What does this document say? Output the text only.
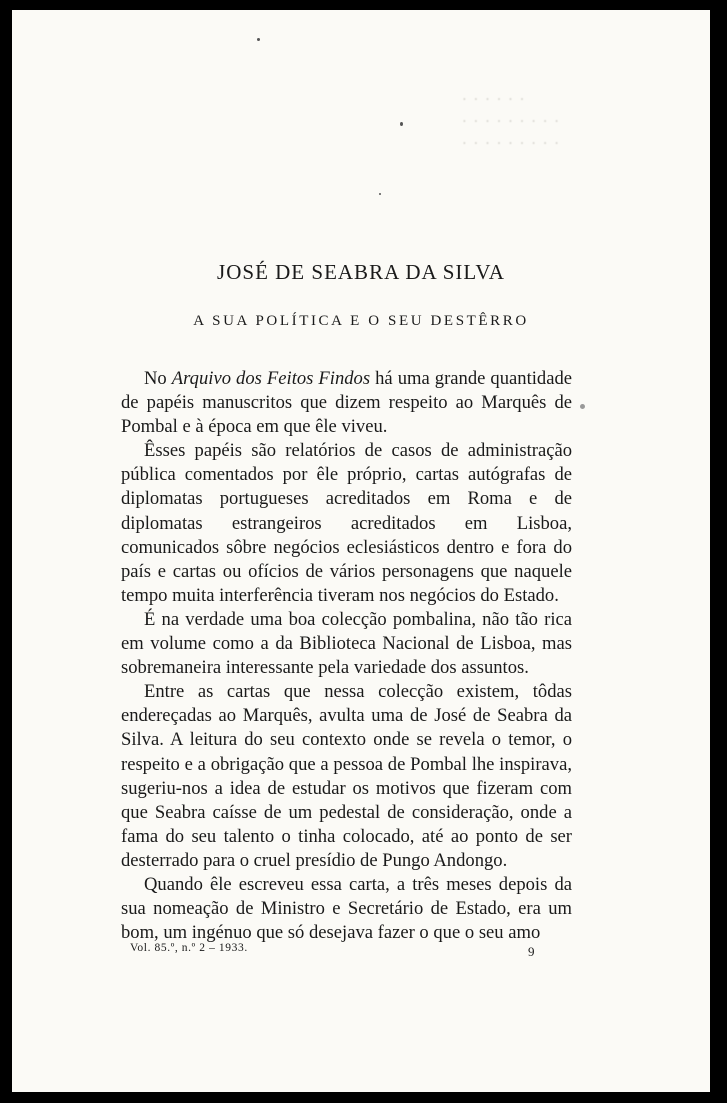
· · · · · ·
· · · · · · · · ·
· · · · · · · · ·
JOSÉ DE SEABRA DA SILVA
A SUA POLÍTICA E O SEU DESTÊRRO

No Arquivo dos Feitos Findos há uma grande quantidade de papéis manuscritos que dizem respeito ao Marquês de Pombal e à época em que êle viveu.

Êsses papéis são relatórios de casos de administração pública comentados por êle próprio, cartas autógrafas de diplomatas portugueses acreditados em Roma e de diplomatas estrangeiros acreditados em Lisboa, comunicados sôbre negócios eclesiásticos dentro e fora do país e cartas ou ofícios de vários personagens que naquele tempo muita interferência tiveram nos negócios do Estado.

É na verdade uma boa colecção pombalina, não tão rica em volume como a da Biblioteca Nacional de Lisboa, mas sobremaneira interessante pela variedade dos assuntos.

Entre as cartas que nessa colecção existem, tôdas endereçadas ao Marquês, avulta uma de José de Seabra da Silva. A leitura do seu contexto onde se revela o temor, o respeito e a obrigação que a pessoa de Pombal lhe inspirava, sugeriu-nos a idea de estudar os motivos que fizeram com que Seabra caísse de um pedestal de consideração, onde a fama do seu talento o tinha colocado, até ao ponto de ser desterrado para o cruel presídio de Pungo Andongo.

Quando êle escreveu essa carta, a três meses depois da sua nomeação de Ministro e Secretário de Estado, era um bom, um ingénuo que só desejava fazer o que o seu amo

Vol. 85.º, n.º 2 – 1933.	9
